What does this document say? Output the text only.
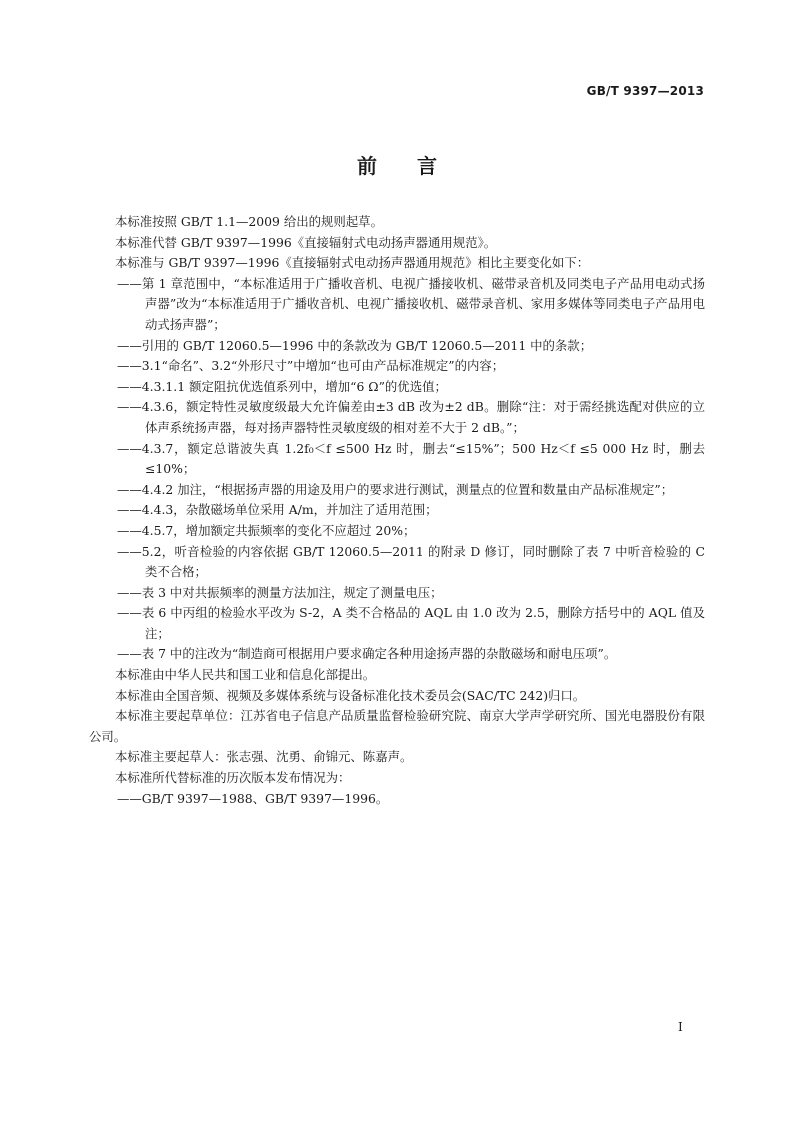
GB/T 9397—2013
前言

本标准按照 GB/T 1.1—2009 给出的规则起草。

本标准代替 GB/T 9397—1996《直接辐射式电动扬声器通用规范》。

本标准与 GB/T 9397—1996《直接辐射式电动扬声器通用规范》相比主要变化如下：

——第 1 章范围中，“本标准适用于广播收音机、电视广播接收机、磁带录音机及同类电子产品用电动式扬声器”改为“本标准适用于广播收音机、电视广播接收机、磁带录音机、家用多媒体等同类电子产品用电动式扬声器”；

——引用的 GB/T 12060.5—1996 中的条款改为 GB/T 12060.5—2011 中的条款；

——3.1“命名”、3.2“外形尺寸”中增加“也可由产品标准规定”的内容；

——4.3.1.1 额定阻抗优选值系列中，增加“6 Ω”的优选值；

——4.3.6，额定特性灵敏度级最大允许偏差由±3 dB 改为±2 dB。删除“注：对于需经挑选配对供应的立体声系统扬声器，每对扬声器特性灵敏度级的相对差不大于 2 dB。”；

——4.3.7，额定总谐波失真 1.2f₀＜f ≤500 Hz 时，删去“≤15%”；500 Hz＜f ≤5 000 Hz 时，删去≤10%；

——4.4.2 加注，“根据扬声器的用途及用户的要求进行测试，测量点的位置和数量由产品标准规定”；

——4.4.3，杂散磁场单位采用 A/m，并加注了适用范围；

——4.5.7，增加额定共振频率的变化不应超过 20%；

——5.2，听音检验的内容依据 GB/T 12060.5—2011 的附录 D 修订，同时删除了表 7 中听音检验的 C 类不合格；

——表 3 中对共振频率的测量方法加注，规定了测量电压；

——表 6 中丙组的检验水平改为 S-2，A 类不合格品的 AQL 由 1.0 改为 2.5，删除方括号中的 AQL 值及注；

——表 7 中的注改为“制造商可根据用户要求确定各种用途扬声器的杂散磁场和耐电压项”。

本标准由中华人民共和国工业和信息化部提出。

本标准由全国音频、视频及多媒体系统与设备标准化技术委员会(SAC/TC 242)归口。

本标准主要起草单位：江苏省电子信息产品质量监督检验研究院、南京大学声学研究所、国光电器股份有限公司。

本标准主要起草人：张志强、沈勇、俞锦元、陈嘉声。

本标准所代替标准的历次版本发布情况为：

——GB/T 9397—1988、GB/T 9397—1996。

I
